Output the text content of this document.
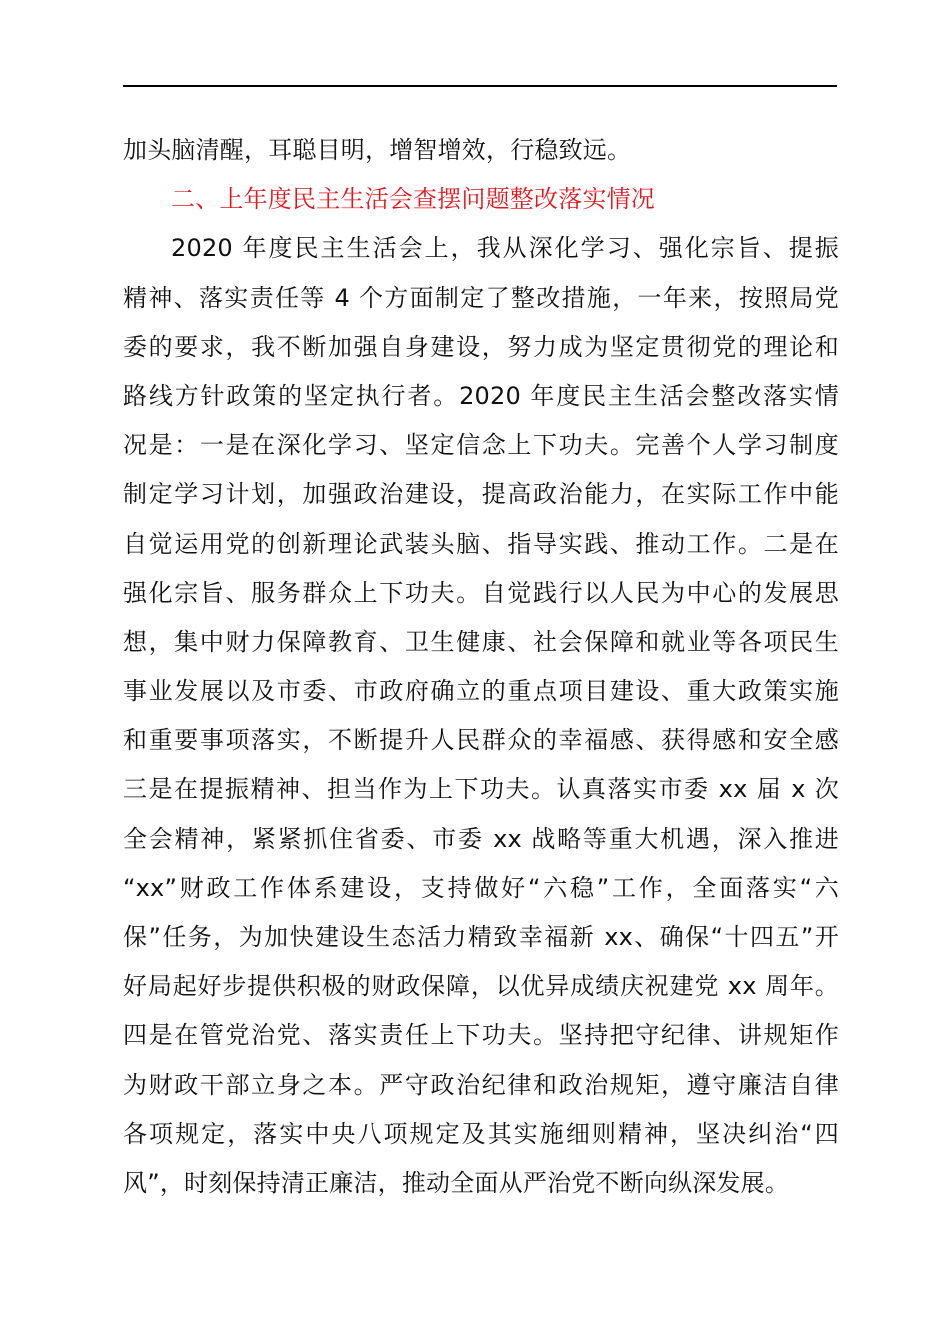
加头脑清醒，耳聪目明，增智增效，行稳致远。
二、上年度民主生活会查摆问题整改落实情况
2020 年度民主生活会上，我从深化学习、强化宗旨、提振
精神、落实责任等 4 个方面制定了整改措施，一年来，按照局党
委的要求，我不断加强自身建设，努力成为坚定贯彻党的理论和
路线方针政策的坚定执行者。2020 年度民主生活会整改落实情
况是：一是在深化学习、坚定信念上下功夫。完善个人学习制度
制定学习计划，加强政治建设，提高政治能力，在实际工作中能
自觉运用党的创新理论武装头脑、指导实践、推动工作。二是在
强化宗旨、服务群众上下功夫。自觉践行以人民为中心的发展思
想，集中财力保障教育、卫生健康、社会保障和就业等各项民生
事业发展以及市委、市政府确立的重点项目建设、重大政策实施
和重要事项落实，不断提升人民群众的幸福感、获得感和安全感
三是在提振精神、担当作为上下功夫。认真落实市委 xx 届 x 次
全会精神，紧紧抓住省委、市委 xx 战略等重大机遇，深入推进
“xx”财政工作体系建设，支持做好“六稳”工作，全面落实“六
保”任务，为加快建设生态活力精致幸福新 xx、确保“十四五”开
好局起好步提供积极的财政保障，以优异成绩庆祝建党 xx 周年。
四是在管党治党、落实责任上下功夫。坚持把守纪律、讲规矩作
为财政干部立身之本。严守政治纪律和政治规矩，遵守廉洁自律
各项规定，落实中央八项规定及其实施细则精神，坚决纠治“四
风”，时刻保持清正廉洁，推动全面从严治党不断向纵深发展。
